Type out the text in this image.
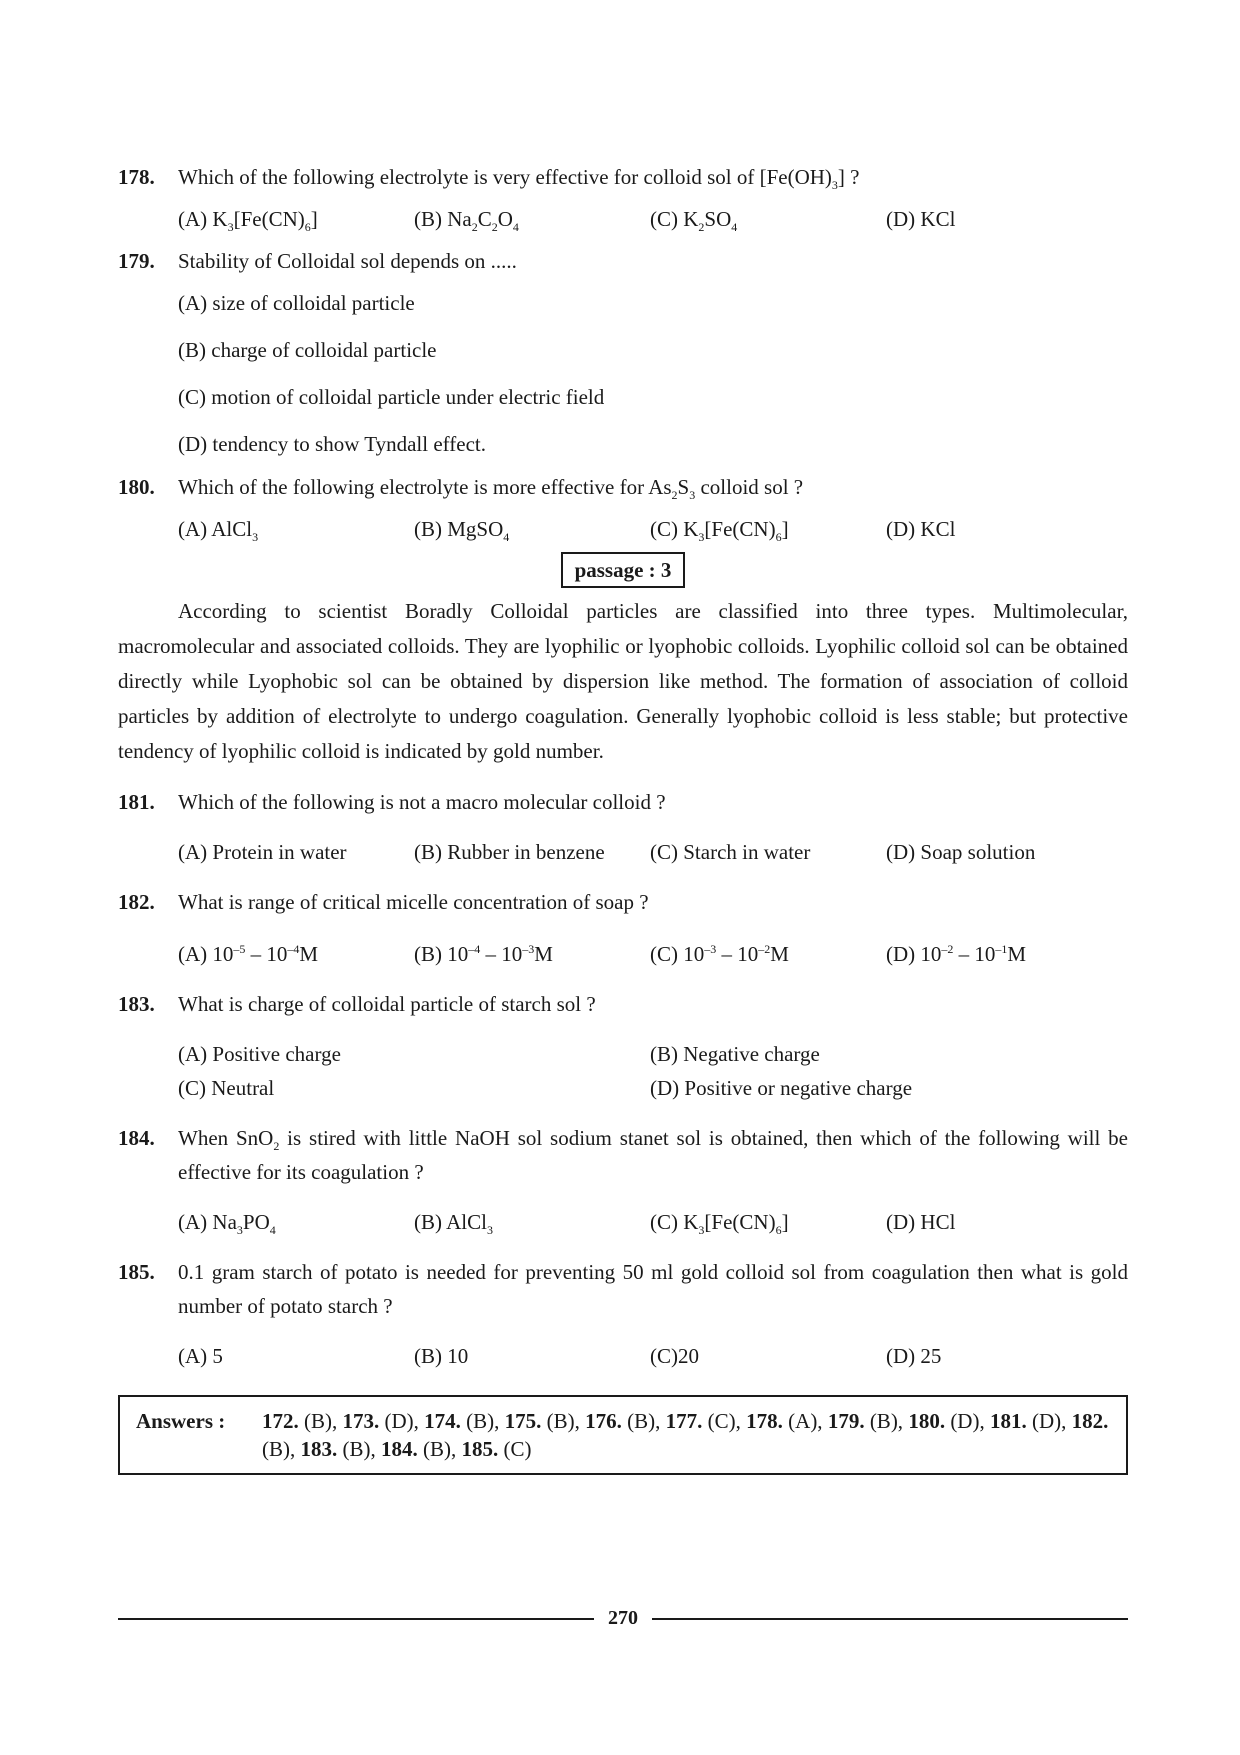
178.	Which of the following electrolyte is very effective for colloid sol of $[Fe(OH)_3]$ ?
(A) $K_3[Fe(CN)_6]$	(B) $Na_2C_2O_4$	(C) $K_2SO_4$	(D) KCl
179.	Stability of Colloidal sol depends on .....
(A) size of colloidal particle
(B) charge of colloidal particle
(C) motion of colloidal particle under electric field
(D) tendency to show Tyndall effect.
180.	Which of the following electrolyte is more effective for $As_2S_3$ colloid sol ?
(A) AlCl$_3$	(B) MgSO$_4$	(C) $K_3[Fe(CN)_6]$	(D) KCl
passage : 3
According to scientist Boradly Colloidal particles are classified into three types. Multimolecular, macromolecular and associated colloids. They are lyophilic or lyophobic colloids. Lyophilic colloid sol can be obtained directly while Lyophobic sol can be obtained by dispersion like method. The formation of association of colloid particles by addition of electrolyte to undergo coagulation. Generally lyophobic colloid is less stable; but protective tendency of lyophilic colloid is indicated by gold number.
181.	Which of the following is not a macro molecular colloid ?
(A) Protein in water	(B) Rubber in benzene	(C) Starch in water	(D) Soap solution
182.	What is range of critical micelle concentration of soap ?
(A) $10^{-5} - 10^{-4}M$	(B) $10^{-4} - 10^{-3}M$	(C) $10^{-3} - 10^{-2}M$	(D) $10^{-2} - 10^{-1}M$
183.	What is charge of colloidal particle of starch sol ?
(A) Positive charge	(B) Negative charge
(C) Neutral	(D) Positive or negative charge
184.	When SnO$_2$ is stired with little NaOH sol sodium stanet sol is obtained, then which of the following will be effective for its coagulation ?
(A) $Na_3PO_4$	(B) AlCl$_3$	(C) $K_3[Fe(CN)_6]$	(D) HCl
185.	0.1 gram starch of potato is needed for preventing 50 ml gold colloid sol from coagulation then what is gold number of potato starch ?
(A) 5	(B) 10	(C)20	(D) 25
Answers :	172. (B), 173. (D), 174. (B), 175. (B), 176. (B), 177. (C), 178. (A), 179. (B), 180. (D), 181. (D), 182. (B), 183. (B), 184. (B), 185. (C)
270
